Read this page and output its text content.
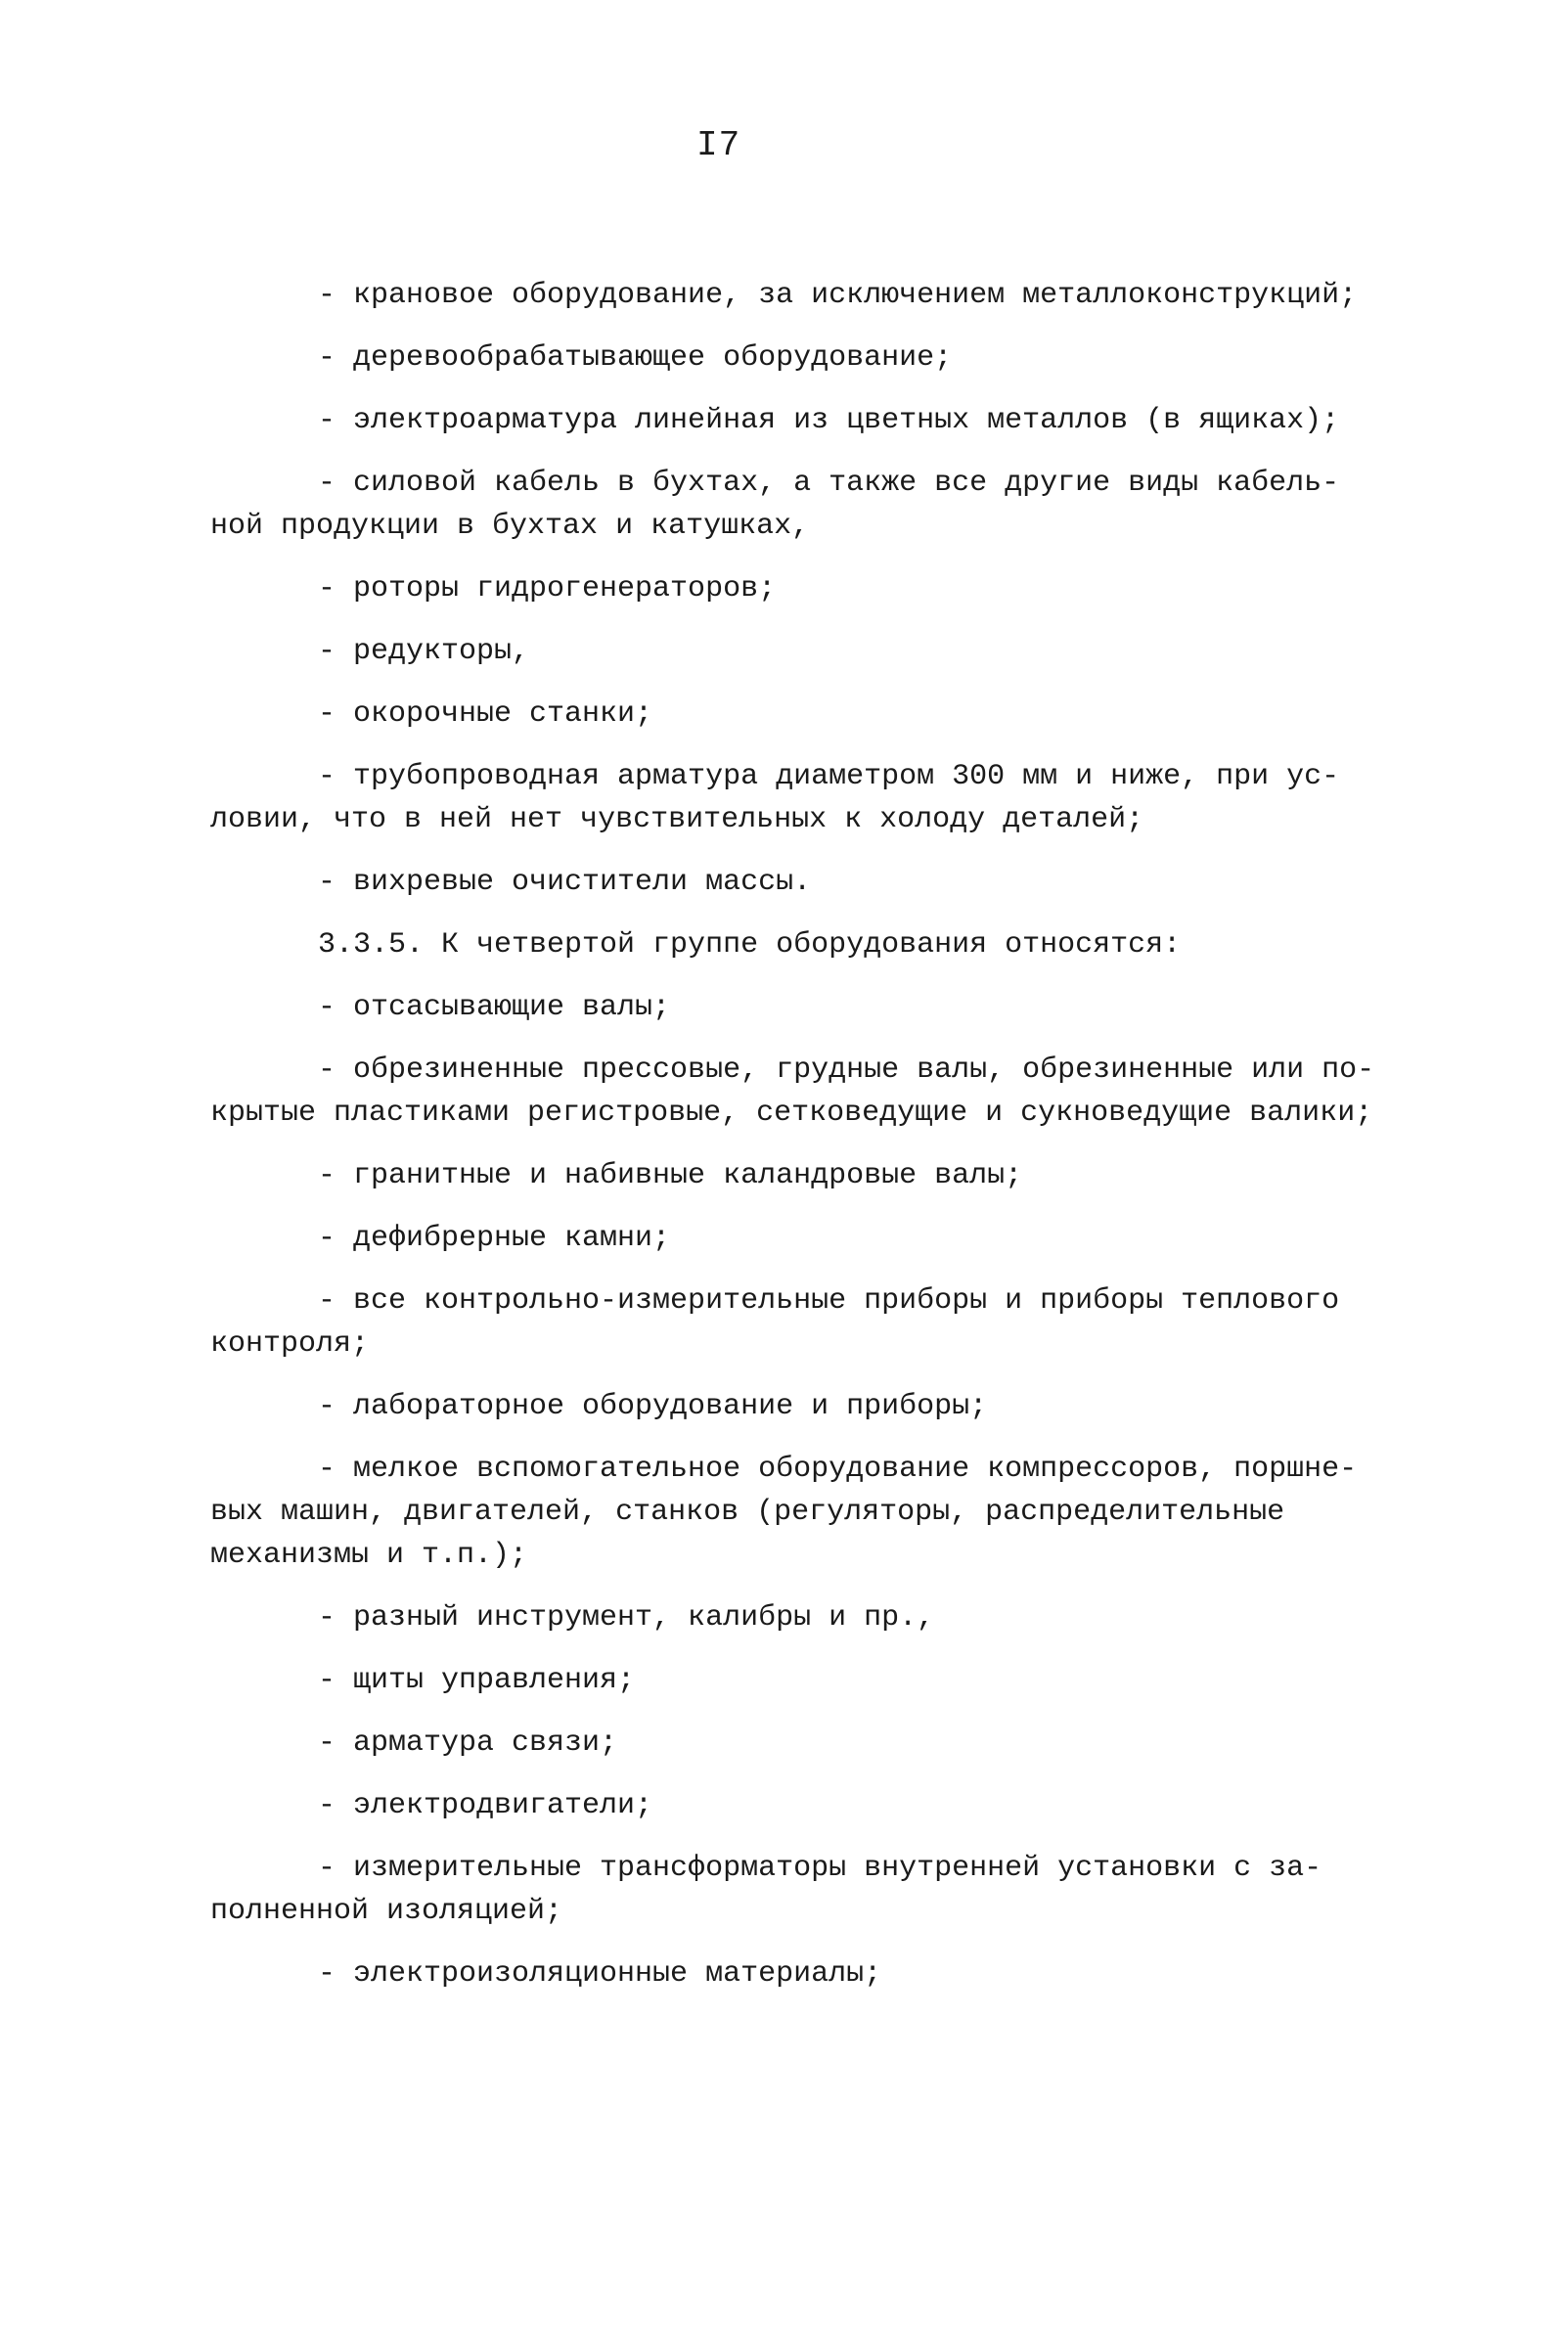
I7

- крановое оборудование, за исключением металлоконструкций;

- деревообрабатывающее оборудование;

- электроарматура линейная из цветных металлов (в ящиках);

- силовой кабель в бухтах, а также все другие виды кабель-

ной продукции в бухтах и катушках,

- роторы гидрогенераторов;

- редукторы,

- окорочные станки;

- трубопроводная арматура диаметром 300 мм и ниже, при ус-

ловии, что в ней нет чувствительных к холоду деталей;

- вихревые очистители массы.

3.3.5. К четвертой группе оборудования относятся:

- отсасывающие валы;

- обрезиненные прессовые, грудные валы, обрезиненные или по-

крытые пластиками регистровые, сетковедущие и сукноведущие валики;

- гранитные и набивные каландровые валы;

- дефибрерные камни;

- все контрольно-измерительные приборы и приборы теплового

контроля;

- лабораторное оборудование и приборы;

- мелкое вспомогательное оборудование компрессоров, поршне-

вых машин, двигателей, станков (регуляторы, распределительные

механизмы и т.п.);

- разный инструмент, калибры и пр.,

- щиты управления;

- арматура связи;

- электродвигатели;

- измерительные трансформаторы внутренней установки с за-

полненной изоляцией;

- электроизоляционные материалы;
